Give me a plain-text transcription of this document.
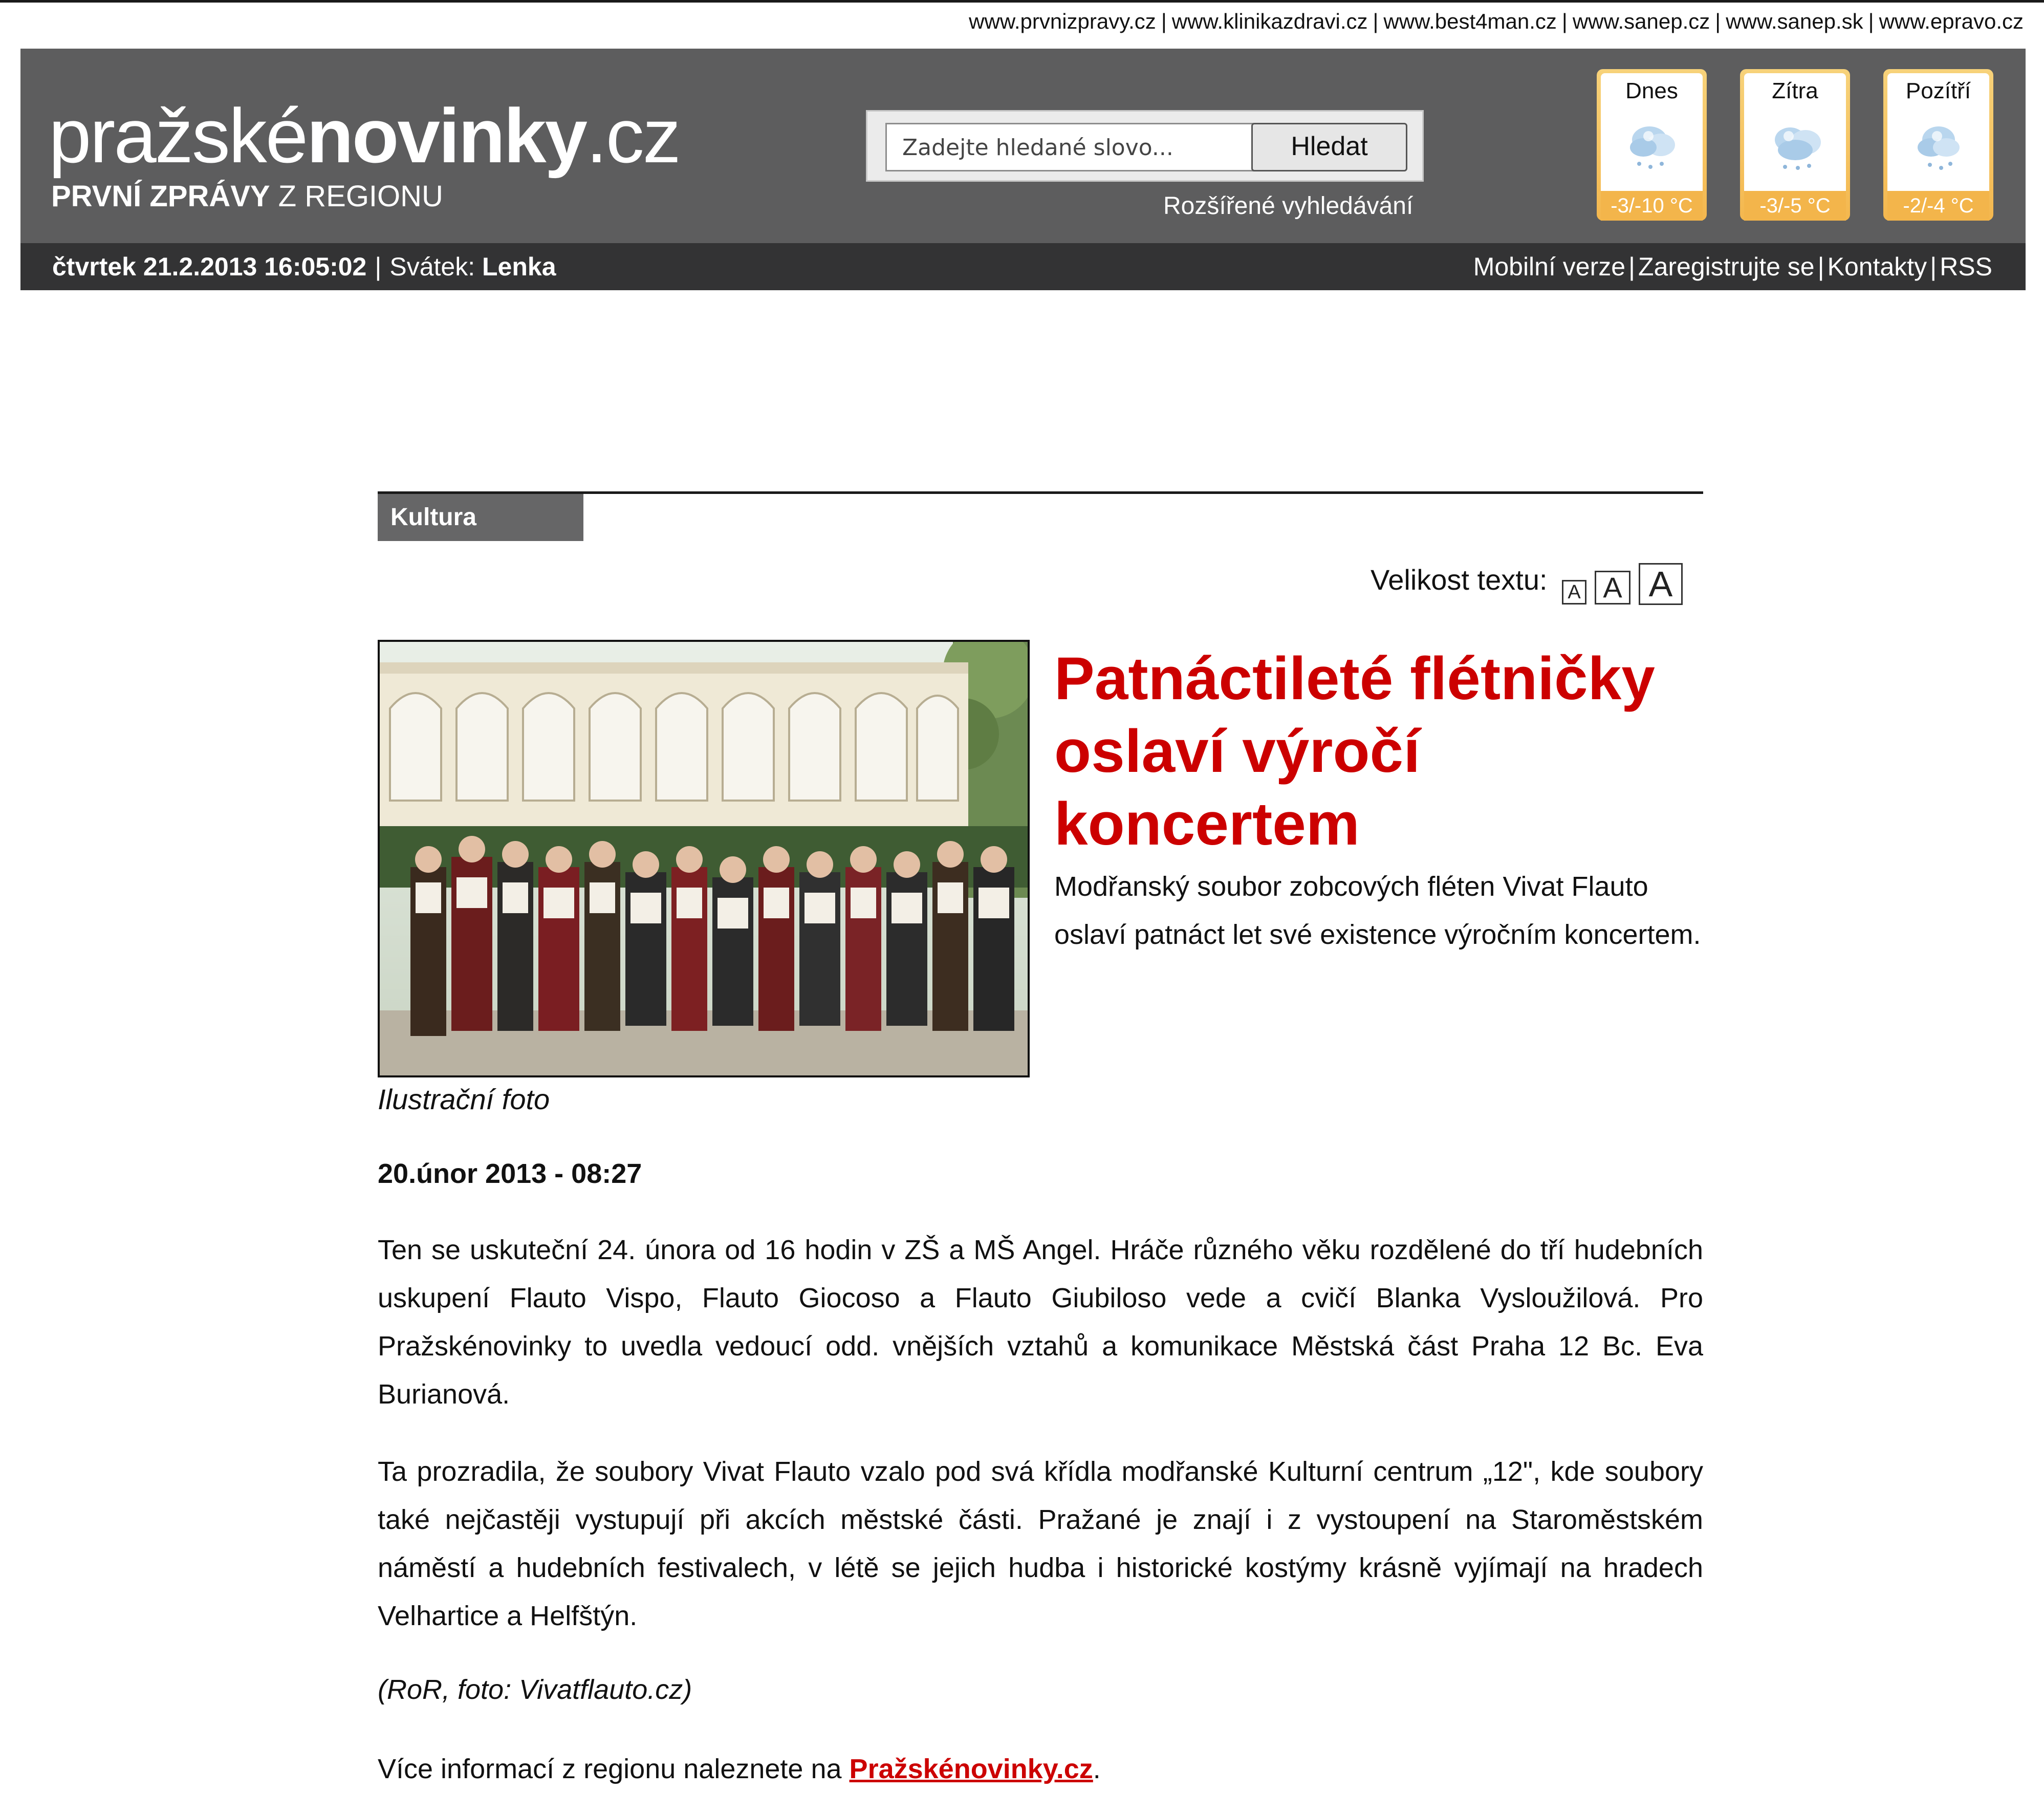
www.prvnizpravy.cz | www.klinikazdravi.cz | www.best4man.cz | www.sanep.cz | www.sanep.sk | www.epravo.cz
pražskénovinky.cz
PRVNÍ ZPRÁVY Z REGIONU
Zadejte hledané slovo...	Hledat
Rozšířené vyhledávání
Dnes
-3/-10 °C
Zítra
-3/-5 °C
Pozítří
-2/-4 °C
čtvrtek 21.2.2013 16:05:02 | Svátek: Lenka	Mobilní verze | Zaregistrujte se | Kontakty | RSS
Kultura
Velikost textu: A A A
Ilustrační foto
Patnáctileté flétničky oslaví výročí koncertem

Modřanský soubor zobcových fléten Vivat Flauto oslaví patnáct let své existence výročním koncertem.

20.únor 2013 - 08:27

Ten se uskuteční 24. února od 16 hodin v ZŠ a MŠ Angel. Hráče různého věku rozdělené do tří hudebních uskupení Flauto Vispo, Flauto Giocoso a Flauto Giubiloso vede a cvičí Blanka Vysloužilová. Pro Pražskénovinky to uvedla vedoucí odd. vnějších vztahů a komunikace Městská část Praha 12 Bc. Eva Burianová.

Ta prozradila, že soubory Vivat Flauto vzalo pod svá křídla modřanské Kulturní centrum „12", kde soubory také nejčastěji vystupují při akcích městské části. Pražané je znají i z vystoupení na Staroměstském náměstí a hudebních festivalech, v létě se jejich hudba i historické kostýmy krásně vyjímají na hradech Velhartice a Helfštýn.

(RoR, foto: Vivatflauto.cz)

Více informací z regionu naleznete na Pražskénovinky.cz.
